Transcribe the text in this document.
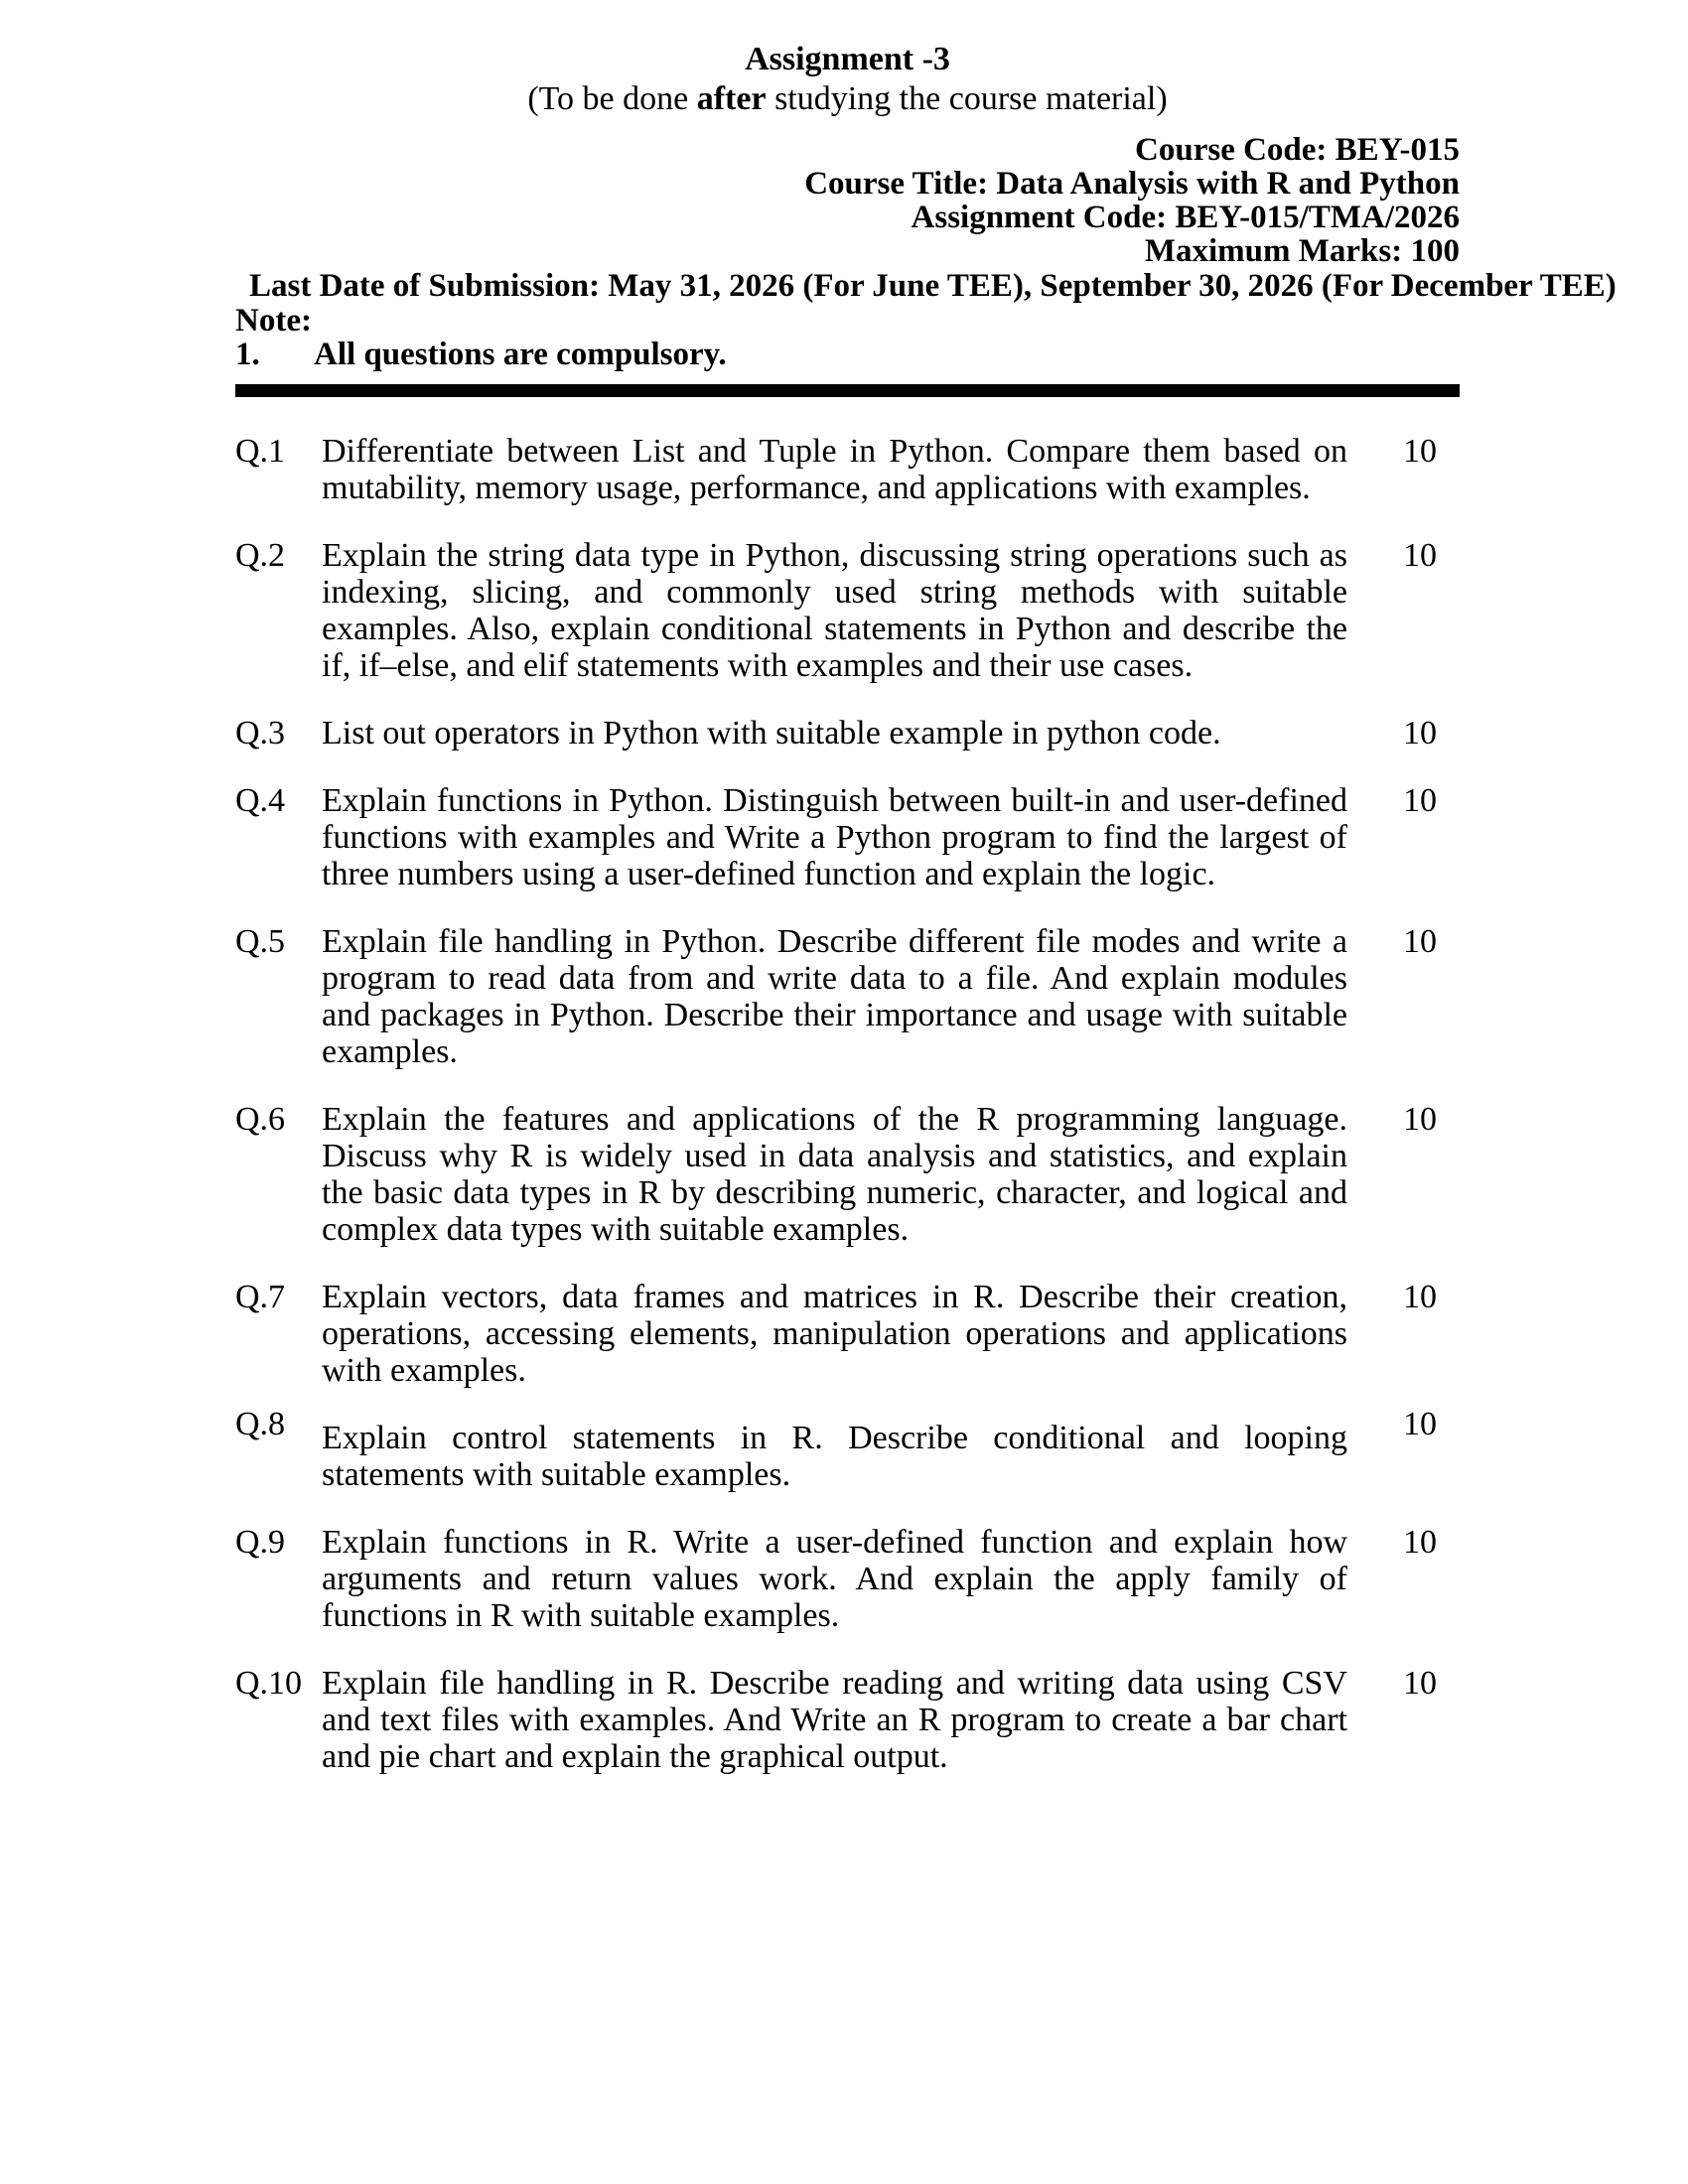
Assignment -3
(To be done after studying the course material)
Course Code: BEY-015
Course Title: Data Analysis with R and Python
Assignment Code: BEY-015/TMA/2026
Maximum Marks: 100
Last Date of Submission: May 31, 2026 (For June TEE), September 30, 2026 (For December TEE)
Note:
1.	All questions are compulsory.
Q.1	Differentiate between List and Tuple in Python. Compare them based on mutability, memory usage, performance, and applications with examples.
10
Q.2	Explain the string data type in Python, discussing string operations such as indexing, slicing, and commonly used string methods with suitable examples. Also, explain conditional statements in Python and describe the if, if–else, and elif statements with examples and their use cases.
10
Q.3	List out operators in Python with suitable example in python code.	10
Q.4	Explain functions in Python. Distinguish between built-in and user-defined functions with examples and Write a Python program to find the largest of three numbers using a user-defined function and explain the logic.
10
Q.5	Explain file handling in Python. Describe different file modes and write a program to read data from and write data to a file. And explain modules and packages in Python. Describe their importance and usage with suitable examples.
10
Q.6	Explain the features and applications of the R programming language. Discuss why R is widely used in data analysis and statistics, and explain the basic data types in R by describing numeric, character, and logical and complex data types with suitable examples.
10
Q.7	Explain vectors, data frames and matrices in R. Describe their creation, operations, accessing elements, manipulation operations and applications with examples.
10
Q.8	Explain control statements in R. Describe conditional and looping statements with suitable examples.
10
Q.9	Explain functions in R. Write a user-defined function and explain how arguments and return values work. And explain the apply family of functions in R with suitable examples.
10
Q.10 Explain file handling in R. Describe reading and writing data using CSV and text files with examples. And Write an R program to create a bar chart and pie chart and explain the graphical output.
10
